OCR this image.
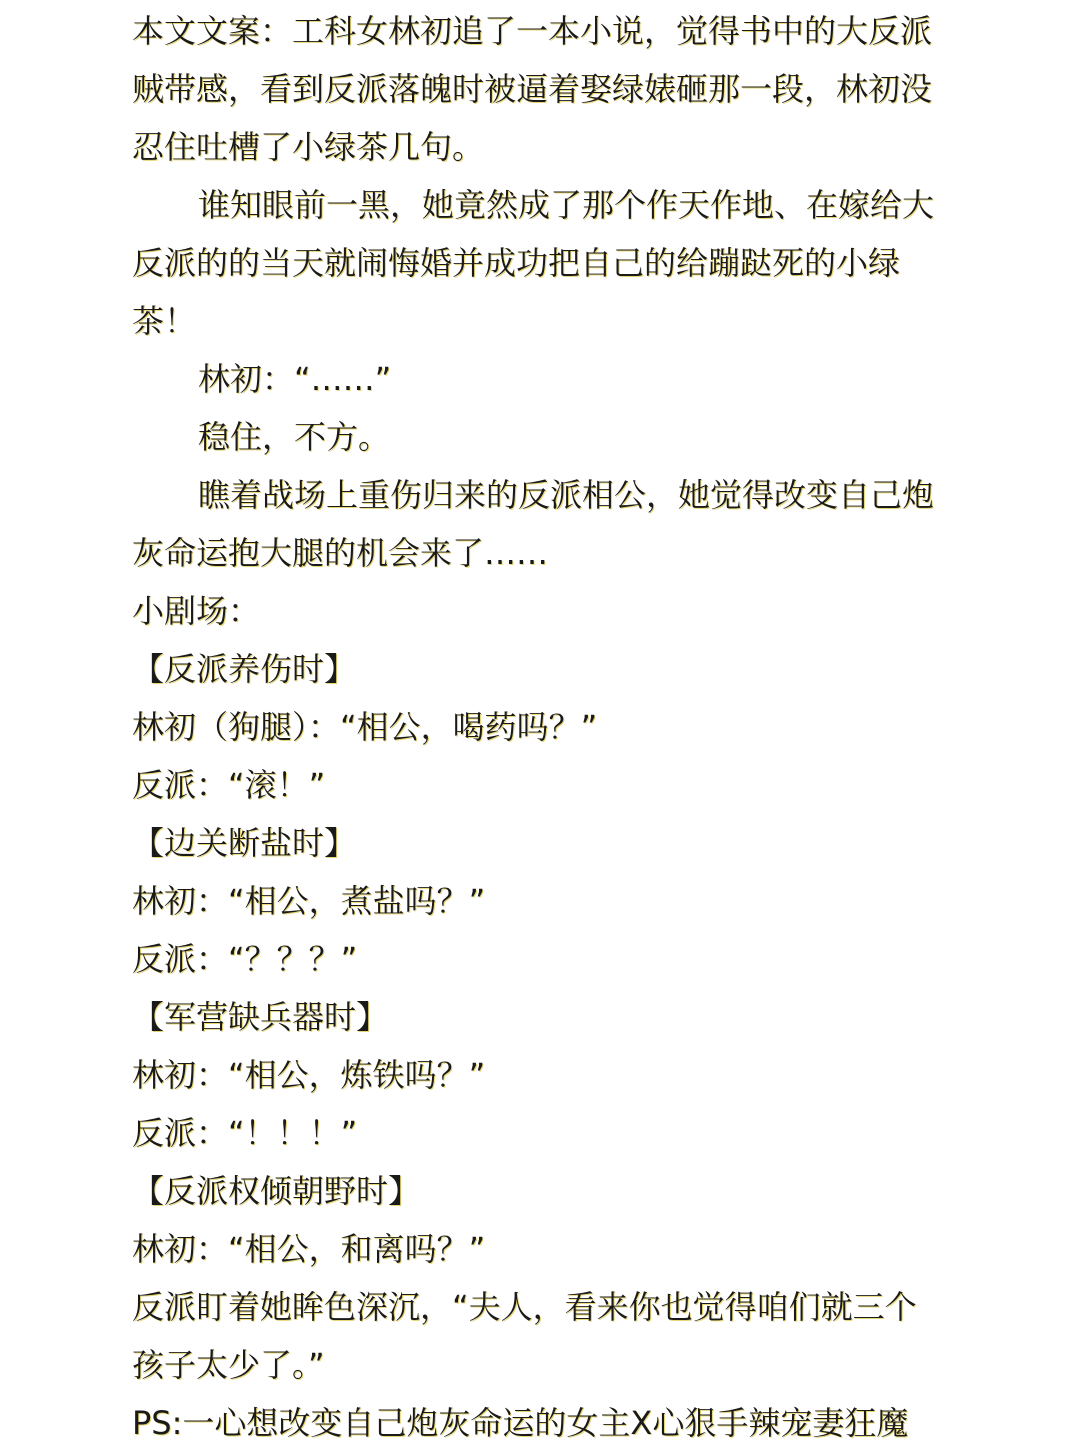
本文文案：工科女林初追了一本小说，觉得书中的大反派
贼带感，看到反派落魄时被逼着娶绿婊砸那一段，林初没
忍住吐槽了小绿茶几句。
谁知眼前一黑，她竟然成了那个作天作地、在嫁给大
反派的的当天就闹悔婚并成功把自己的给蹦跶死的小绿
茶！
林初：“……”
稳住，不方。
瞧着战场上重伤归来的反派相公，她觉得改变自己炮
灰命运抱大腿的机会来了……
小剧场：
【反派养伤时】
林初（狗腿）：“相公，喝药吗？”
反派：“滚！”
【边关断盐时】
林初：“相公，煮盐吗？”
反派：“？？？”
【军营缺兵器时】
林初：“相公，炼铁吗？”
反派：“！！！”
【反派权倾朝野时】
林初：“相公，和离吗？”
反派盯着她眸色深沉，“夫人，看来你也觉得咱们就三个
孩子太少了。”
PS:一心想改变自己炮灰命运的女主X心狠手辣宠妻狂魔
